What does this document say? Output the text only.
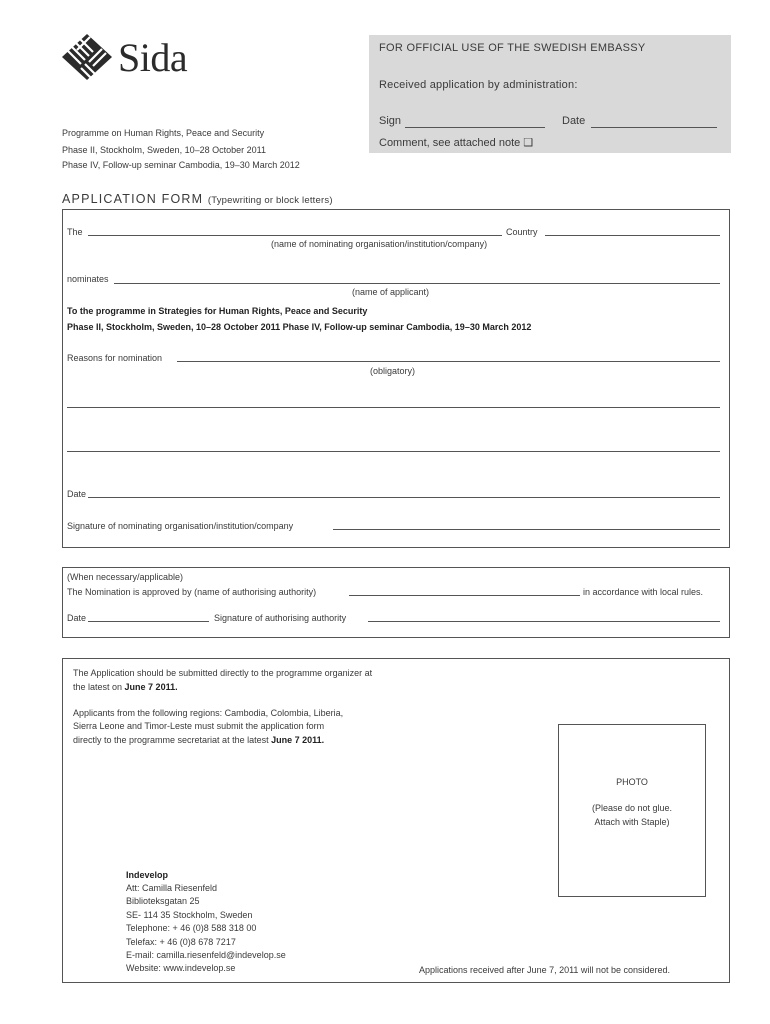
Sida	FOR OFFICIAL USE OF THE SWEDISH EMBASSY
Received application by administration:
Sign	Date
Comment, see attached note ❑
Programme on Human Rights, Peace and Security
Phase II, Stockholm, Sweden, 10–28 October 2011
Phase IV, Follow-up seminar Cambodia, 19–30 March 2012
APPLICATION FORM (Typewriting or block letters)
The	Country
(name of nominating organisation/institution/company)
nominates
(name of applicant)
To the programme in Strategies for Human Rights, Peace and Security
Phase II, Stockholm, Sweden, 10–28 October 2011 Phase IV, Follow-up seminar Cambodia, 19–30 March 2012
Reasons for nomination
(obligatory)
Date
Signature of nominating organisation/institution/company
(When necessary/applicable)
The Nomination is approved by (name of authorising authority)	in accordance with local rules.
Date	Signature of authorising authority
The Application should be submitted directly to the programme organizer at
the latest on June 7 2011.
Applicants from the following regions: Cambodia, Colombia, Liberia,
Sierra Leone and Timor-Leste must submit the application form
directly to the programme secretariat at the latest June 7 2011.
PHOTO
(Please do not glue.
Attach with Staple)
Indevelop
Att: Camilla Riesenfeld
Biblioteksgatan 25
SE- 114 35 Stockholm, Sweden
Telephone: + 46 (0)8 588 318 00
Telefax: + 46 (0)8 678 7217
E-mail: camilla.riesenfeld@indevelop.se
Website: www.indevelop.se	Applications received after June 7, 2011 will not be considered.
